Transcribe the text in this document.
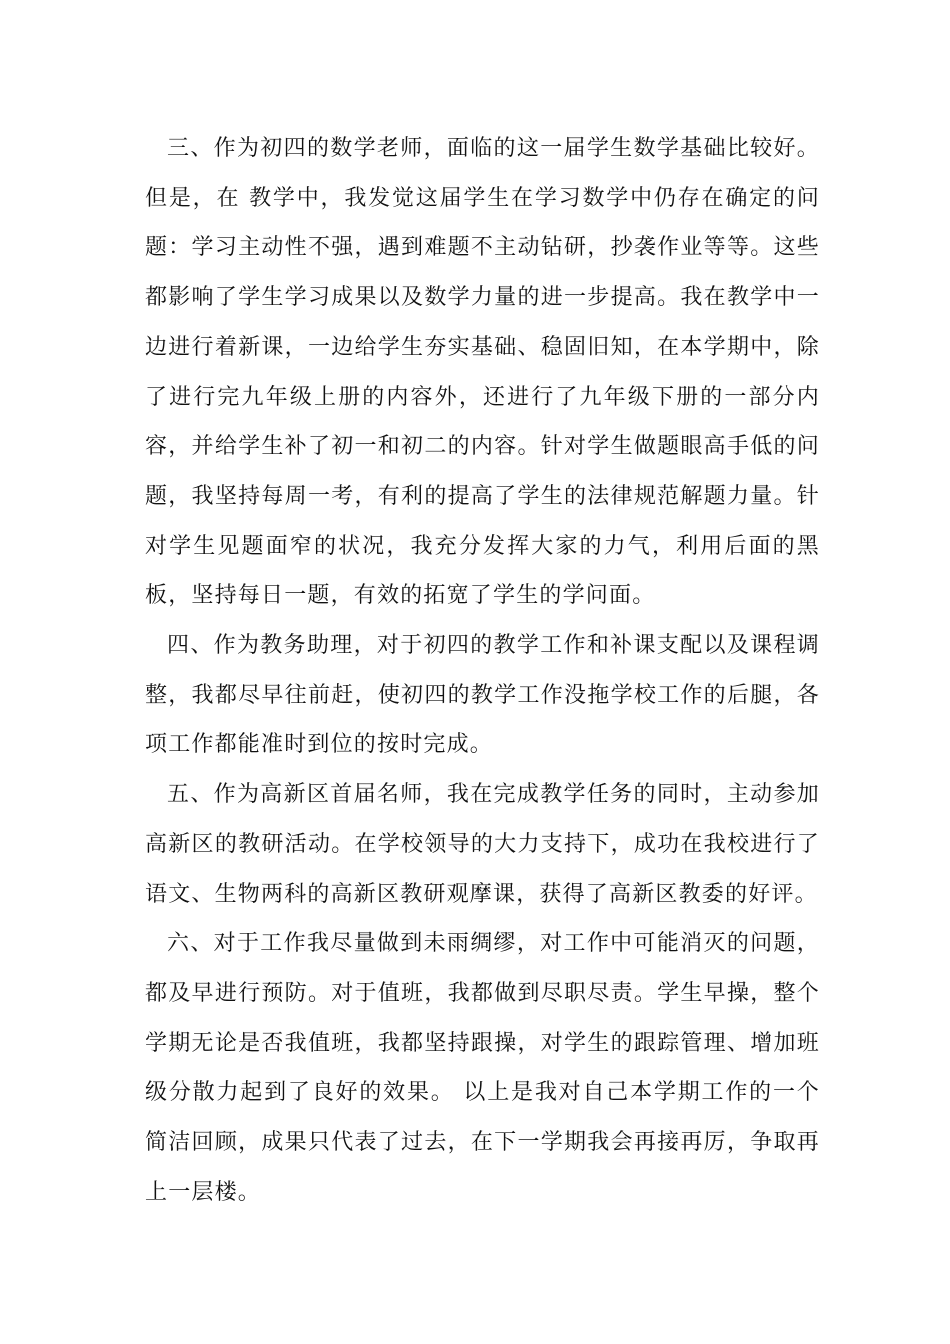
三、作为初四的数学老师，面临的这一届学生数学基础比较好。但是，在 教学中，我发觉这届学生在学习数学中仍存在确定的问题：学习主动性不强，遇到难题不主动钻研，抄袭作业等等。这些都影响了学生学习成果以及数学力量的进一步提高。我在教学中一边进行着新课，一边给学生夯实基础、稳固旧知，在本学期中，除了进行完九年级上册的内容外，还进行了九年级下册的一部分内容，并给学生补了初一和初二的内容。针对学生做题眼高手低的问题，我坚持每周一考，有利的提高了学生的法律规范解题力量。针对学生见题面窄的状况，我充分发挥大家的力气，利用后面的黑板，坚持每日一题，有效的拓宽了学生的学问面。

四、作为教务助理，对于初四的教学工作和补课支配以及课程调整，我都尽早往前赶，使初四的教学工作没拖学校工作的后腿，各项工作都能准时到位的按时完成。

五、作为高新区首届名师，我在完成教学任务的同时，主动参加高新区的教研活动。在学校领导的大力支持下，成功在我校进行了语文、生物两科的高新区教研观摩课，获得了高新区教委的好评。

六、对于工作我尽量做到未雨绸缪，对工作中可能消灭的问题，都及早进行预防。对于值班，我都做到尽职尽责。学生早操，整个学期无论是否我值班，我都坚持跟操，对学生的跟踪管理、增加班级分散力起到了良好的效果。 以上是我对自己本学期工作的一个简洁回顾，成果只代表了过去，在下一学期我会再接再厉，争取再上一层楼。
